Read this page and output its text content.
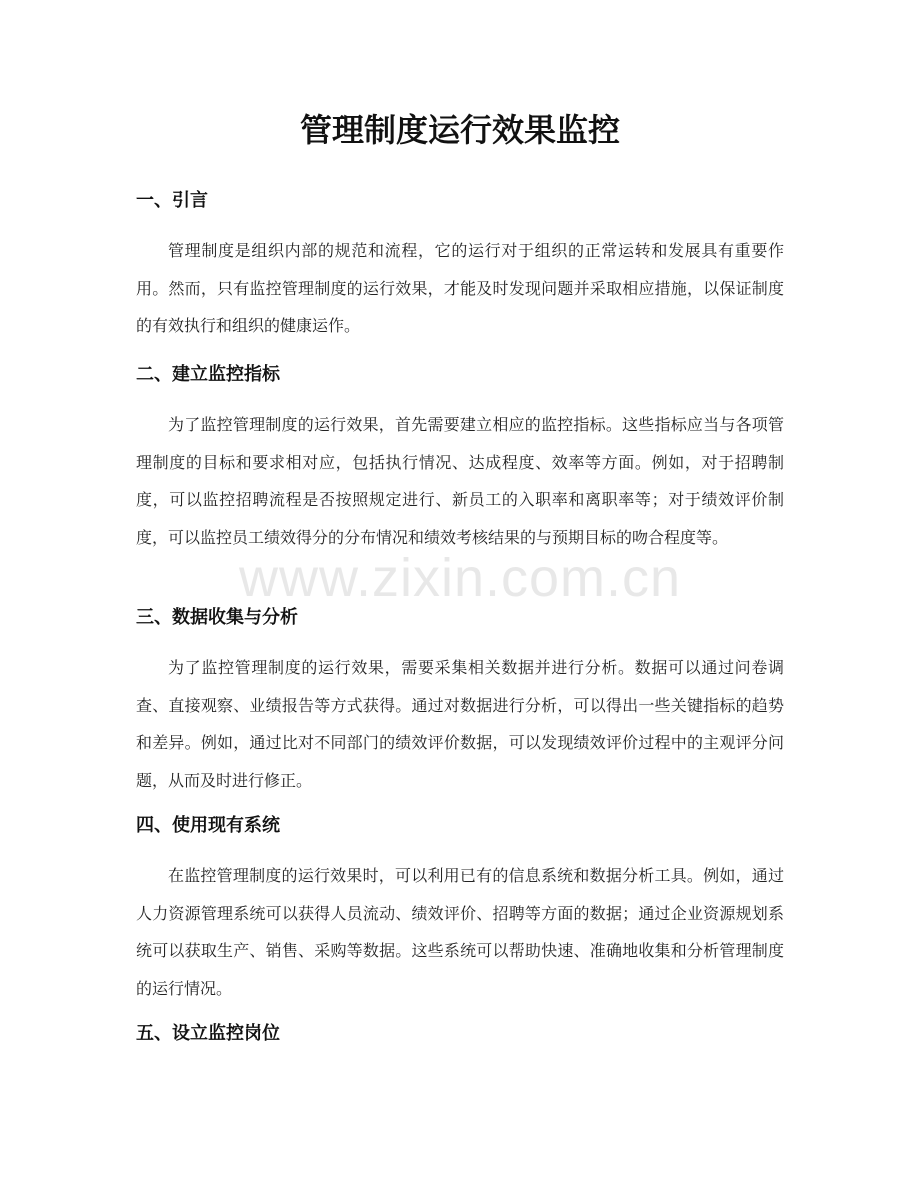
管理制度运行效果监控
一、引言

管理制度是组织内部的规范和流程，它的运行对于组织的正常运转和发展具有重要作用。然而，只有监控管理制度的运行效果，才能及时发现问题并采取相应措施，以保证制度的有效执行和组织的健康运作。

二、建立监控指标

为了监控管理制度的运行效果，首先需要建立相应的监控指标。这些指标应当与各项管理制度的目标和要求相对应，包括执行情况、达成程度、效率等方面。例如，对于招聘制度，可以监控招聘流程是否按照规定进行、新员工的入职率和离职率等；对于绩效评价制度，可以监控员工绩效得分的分布情况和绩效考核结果的与预期目标的吻合程度等。

三、数据收集与分析

为了监控管理制度的运行效果，需要采集相关数据并进行分析。数据可以通过问卷调查、直接观察、业绩报告等方式获得。通过对数据进行分析，可以得出一些关键指标的趋势和差异。例如，通过比对不同部门的绩效评价数据，可以发现绩效评价过程中的主观评分问题，从而及时进行修正。

四、使用现有系统

在监控管理制度的运行效果时，可以利用已有的信息系统和数据分析工具。例如，通过人力资源管理系统可以获得人员流动、绩效评价、招聘等方面的数据；通过企业资源规划系统可以获取生产、销售、采购等数据。这些系统可以帮助快速、准确地收集和分析管理制度的运行情况。

五、设立监控岗位
www.zixin.com.cn
